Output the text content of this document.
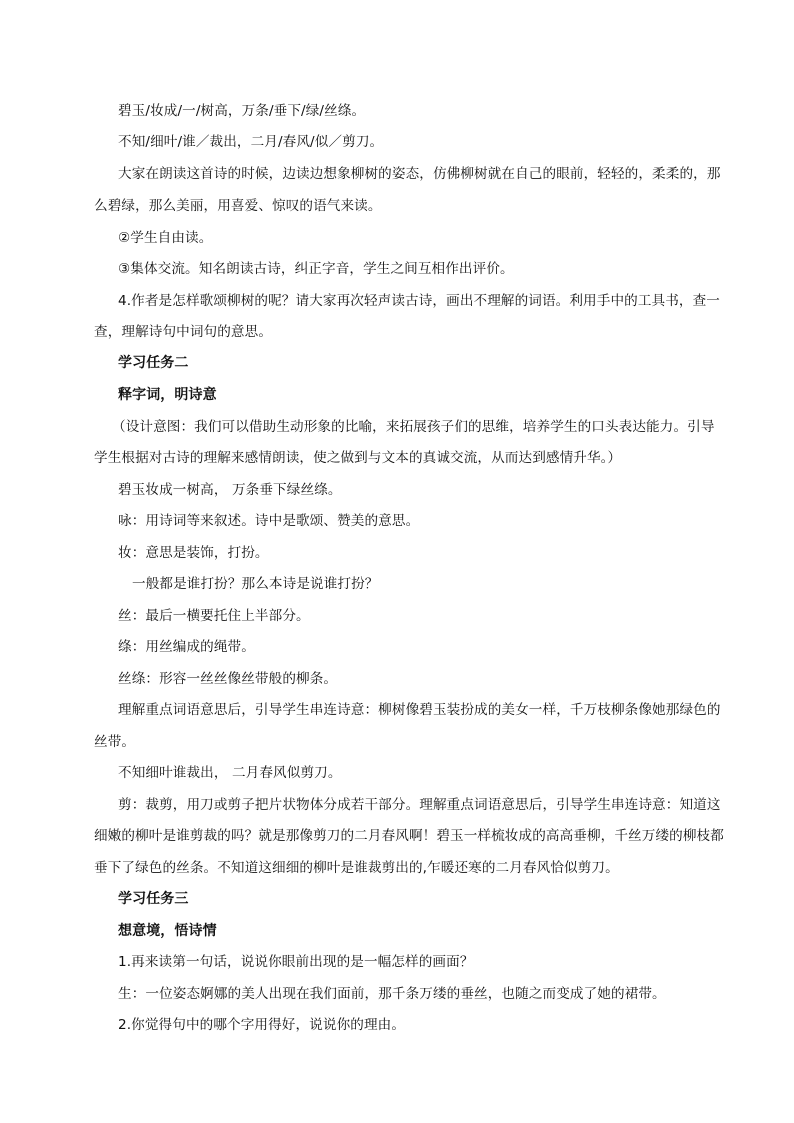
碧玉/妆成/一/树高，万条/垂下/绿/丝绦。
不知/细叶/谁／裁出，二月/春风/似／剪刀。
大家在朗读这首诗的时候，边读边想象柳树的姿态，仿佛柳树就在自己的眼前，轻轻的，柔柔的，那
么碧绿，那么美丽，用喜爱、惊叹的语气来读。
②学生自由读。
③集体交流。知名朗读古诗，纠正字音，学生之间互相作出评价。
4.作者是怎样歌颂柳树的呢？请大家再次轻声读古诗，画出不理解的词语。利用手中的工具书，查一
查，理解诗句中词句的意思。
学习任务二
释字词，明诗意
（设计意图：我们可以借助生动形象的比喻，来拓展孩子们的思维，培养学生的口头表达能力。引导
学生根据对古诗的理解来感情朗读，使之做到与文本的真诚交流，从而达到感情升华。）
碧玉妆成一树高， 万条垂下绿丝绦。
咏：用诗词等来叙述。诗中是歌颂、赞美的意思。
妆：意思是装饰，打扮。
一般都是谁打扮？那么本诗是说谁打扮？
丝：最后一横要托住上半部分。
绦：用丝编成的绳带。
丝绦：形容一丝丝像丝带般的柳条。
理解重点词语意思后，引导学生串连诗意：柳树像碧玉装扮成的美女一样，千万枝柳条像她那绿色的
丝带。
不知细叶谁裁出， 二月春风似剪刀。
剪：裁剪，用刀或剪子把片状物体分成若干部分。理解重点词语意思后，引导学生串连诗意：知道这
细嫩的柳叶是谁剪裁的吗？就是那像剪刀的二月春风啊！碧玉一样梳妆成的高高垂柳，千丝万缕的柳枝都
垂下了绿色的丝条。不知道这细细的柳叶是谁裁剪出的,乍暖还寒的二月春风恰似剪刀。
学习任务三
想意境，悟诗情
1.再来读第一句话，说说你眼前出现的是一幅怎样的画面？
生：一位姿态婀娜的美人出现在我们面前，那千条万缕的垂丝，也随之而变成了她的裙带。
2.你觉得句中的哪个字用得好，说说你的理由。
